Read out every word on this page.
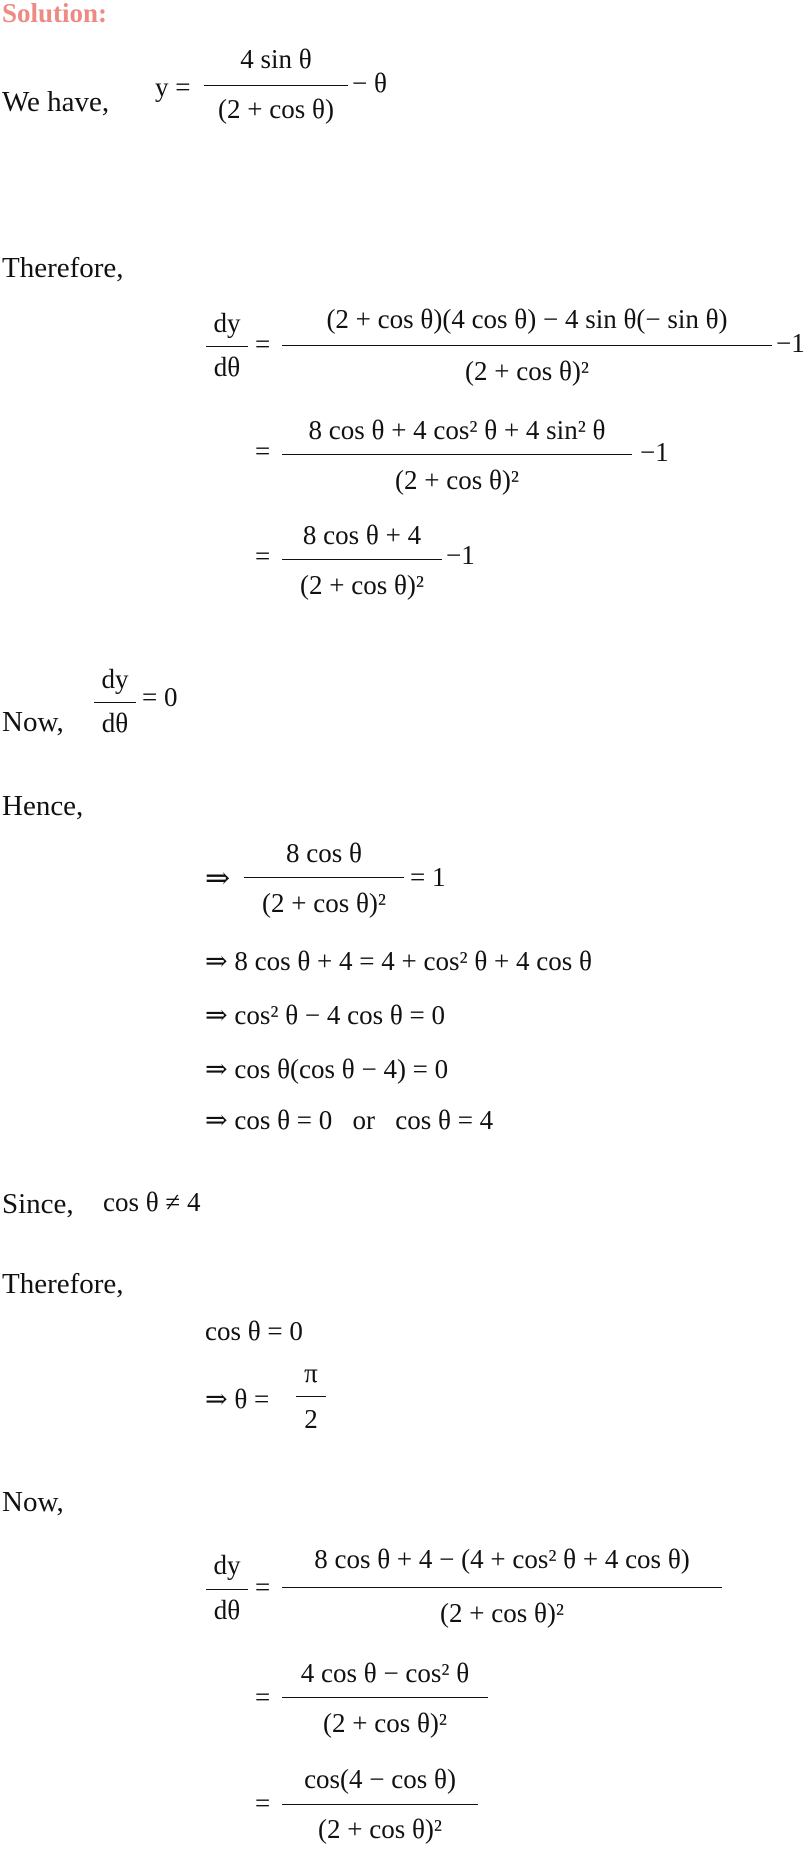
Solution:
We have, y =
4 sin θ
(2 + cos θ)
− θ
Therefore,
dy
dθ
=
(2 + cos θ)(4 cos θ) − 4 sin θ(− sin θ)
(2 + cos θ)²
−1
=
8 cos θ + 4 cos² θ + 4 sin² θ
(2 + cos θ)²
−1
=
8 cos θ + 4
(2 + cos θ)²
−1
Now,
dy
dθ
= 0
Hence,
⇒
8 cos θ
(2 + cos θ)²
= 1
⇒ 8 cos θ + 4 = 4 + cos² θ + 4 cos θ
⇒ cos² θ − 4 cos θ = 0
⇒ cos θ(cos θ − 4) = 0
⇒ cos θ = 0   or   cos θ = 4
Since, cos θ ≠ 4
Therefore,
cos θ = 0
⇒ θ =
π
2
Now,
dy
dθ
=
8 cos θ + 4 − (4 + cos² θ + 4 cos θ)
(2 + cos θ)²
=
4 cos θ − cos² θ
(2 + cos θ)²
=
cos(4 − cos θ)
(2 + cos θ)²
